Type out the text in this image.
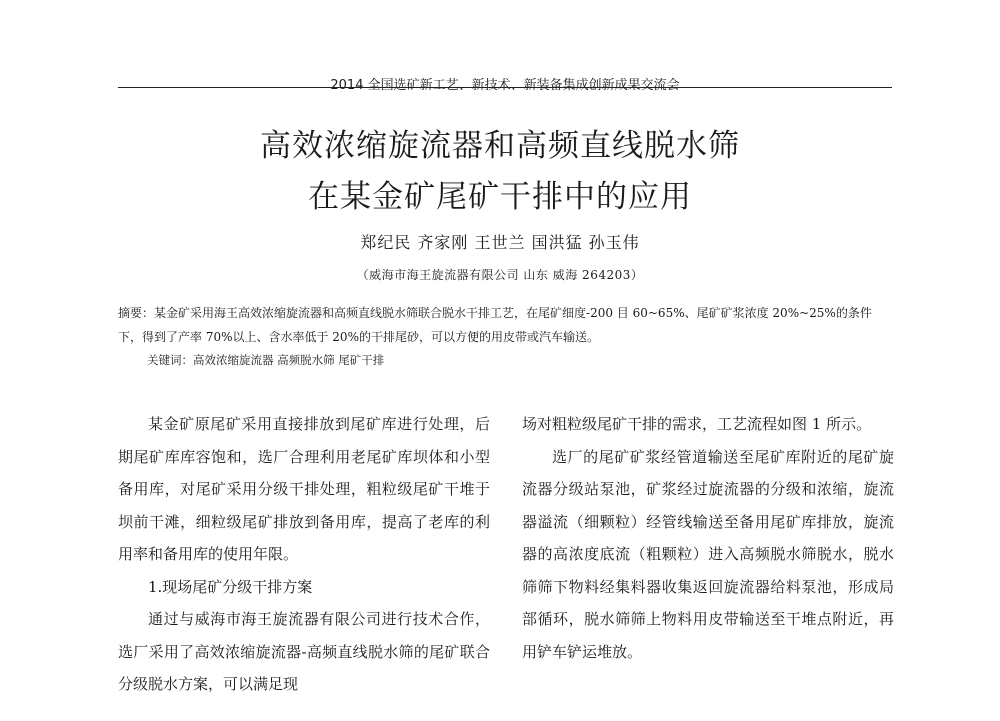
2014 全国选矿新工艺、新技术、新装备集成创新成果交流会
高效浓缩旋流器和高频直线脱水筛
在某金矿尾矿干排中的应用
郑纪民 齐家刚 王世兰 国洪猛 孙玉伟
（威海市海王旋流器有限公司 山东 威海 264203）
摘要：某金矿采用海王高效浓缩旋流器和高频直线脱水筛联合脱水干排工艺，在尾矿细度-200 目 60~65%、尾矿矿浆浓度 20%~25%的条件下，得到了产率 70%以上、含水率低于 20%的干排尾砂，可以方便的用皮带或汽车输送。
关键词：高效浓缩旋流器 高频脱水筛 尾矿干排

某金矿原尾矿采用直接排放到尾矿库进行处理，后期尾矿库库容饱和，选厂合理利用老尾矿库坝体和小型备用库，对尾矿采用分级干排处理，粗粒级尾矿干堆于坝前干滩，细粒级尾矿排放到备用库，提高了老库的利用率和备用库的使用年限。

1.现场尾矿分级干排方案

通过与威海市海王旋流器有限公司进行技术合作，选厂采用了高效浓缩旋流器-高频直线脱水筛的尾矿联合分级脱水方案，可以满足现

场对粗粒级尾矿干排的需求，工艺流程如图 1 所示。

选厂的尾矿矿浆经管道输送至尾矿库附近的尾矿旋流器分级站泵池，矿浆经过旋流器的分级和浓缩，旋流器溢流（细颗粒）经管线输送至备用尾矿库排放，旋流器的高浓度底流（粗颗粒）进入高频脱水筛脱水，脱水筛筛下物料经集料器收集返回旋流器给料泵池，形成局部循环，脱水筛筛上物料用皮带输送至干堆点附近，再用铲车铲运堆放。
